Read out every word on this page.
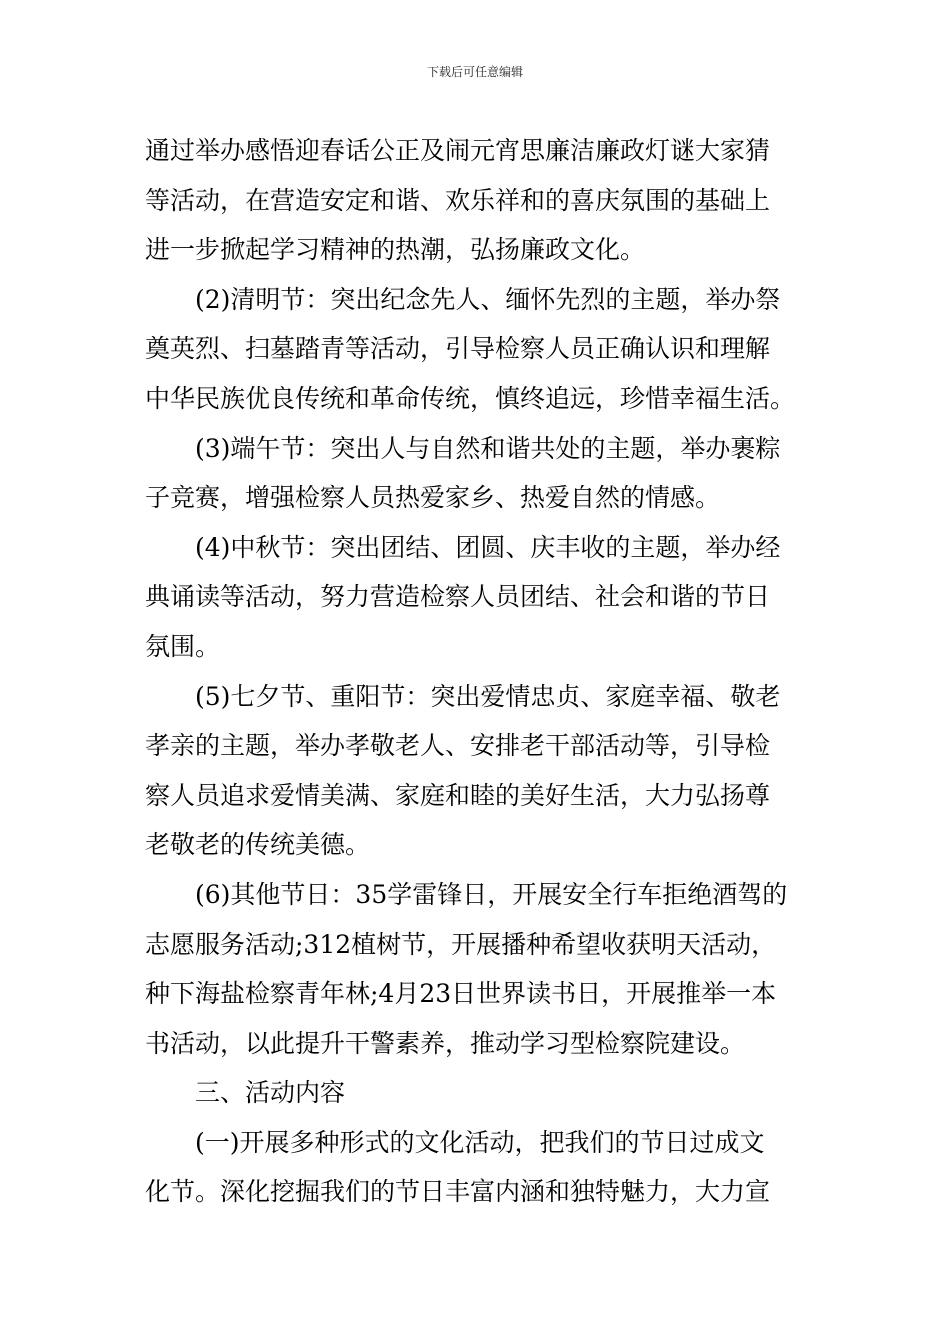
下载后可任意编辑
通过举办感悟迎春话公正及闹元宵思廉洁廉政灯谜大家猜
等活动，在营造安定和谐、欢乐祥和的喜庆氛围的基础上
进一步掀起学习精神的热潮，弘扬廉政文化。
(2)清明节：突出纪念先人、缅怀先烈的主题，举办祭
奠英烈、扫墓踏青等活动，引导检察人员正确认识和理解
中华民族优良传统和革命传统，慎终追远，珍惜幸福生活。
(3)端午节：突出人与自然和谐共处的主题，举办裹粽
子竞赛，增强检察人员热爱家乡、热爱自然的情感。
(4)中秋节：突出团结、团圆、庆丰收的主题，举办经
典诵读等活动，努力营造检察人员团结、社会和谐的节日
氛围。
(5)七夕节、重阳节：突出爱情忠贞、家庭幸福、敬老
孝亲的主题，举办孝敬老人、安排老干部活动等，引导检
察人员追求爱情美满、家庭和睦的美好生活，大力弘扬尊
老敬老的传统美德。
(6)其他节日：35学雷锋日，开展安全行车拒绝酒驾的
志愿服务活动;312植树节，开展播种希望收获明天活动，
种下海盐检察青年林;4月23日世界读书日，开展推举一本
书活动，以此提升干警素养，推动学习型检察院建设。
三、活动内容
(一)开展多种形式的文化活动，把我们的节日过成文
化节。深化挖掘我们的节日丰富内涵和独特魅力，大力宣
